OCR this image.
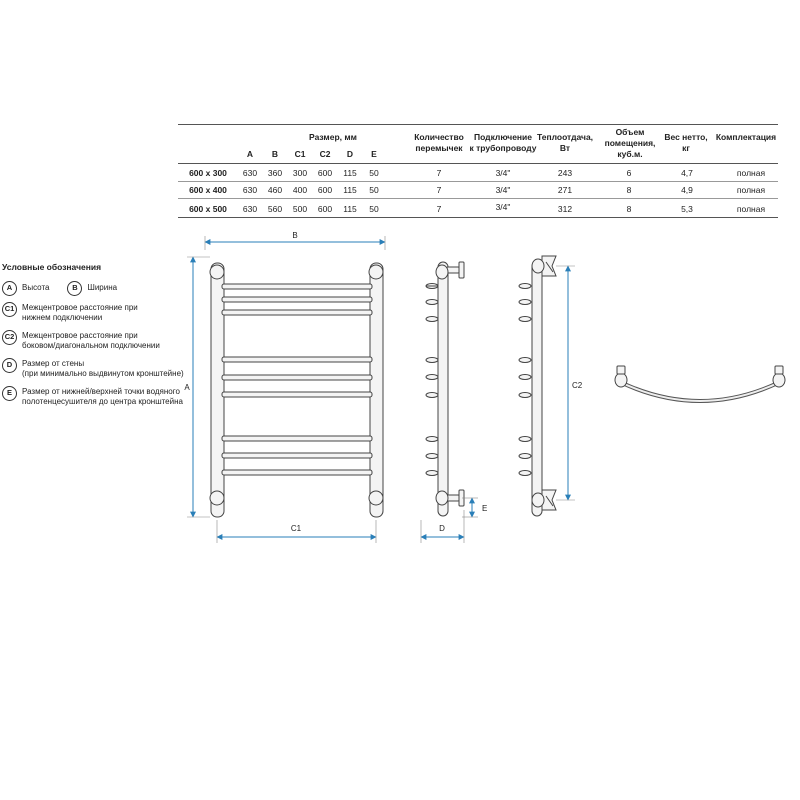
Размер, мм
A	B	C1	C2	D	E
Количество
перемычек
Подключение
к трубопроводу
Теплоотдача,
Вт
Объем
помещения,
куб.м.
Вес нетто,
кг
Комплектация
600 х 300	630	360	300	600	115	50	7	3/4"	243	6	4,7	полная
600 х 400	630	460	400	600	115	50	7	3/4"	271	8	4,9	полная
600 х 500	630	560	500	600	115	50	7	3/4"	312	8	5,3	полная
Условные обозначения
A	Высота	B	Ширина
C1 Межцентровое расстояние при
нижнем подключении
C2 Межцентровое расстояние при
боковом/диагональном подключении
D	Размер от стены
(при минимально выдвинутом кронштейне)
E	Размер от нижней/верхней точки водяного
полотенцесушителя до центра кронштейна
B
A
C1	D
E
C2
